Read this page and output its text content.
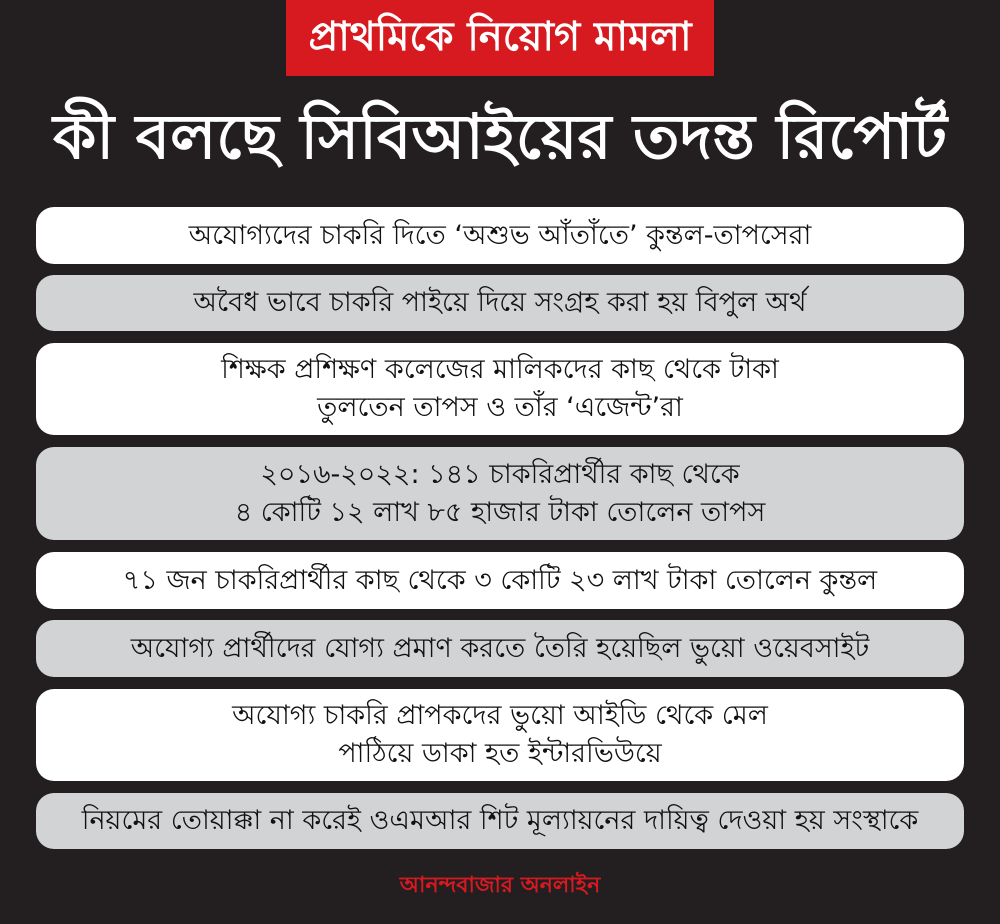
প্রাথমিকে নিয়োগ মামলা
কী বলছে সিবিআইয়ের তদন্ত রিপোর্ট
অযোগ্যদের চাকরি দিতে ‘অশুভ আঁতাঁতে’ কুন্তল-তাপসেরা
অবৈধ ভাবে চাকরি পাইয়ে দিয়ে সংগ্রহ করা হয় বিপুল অর্থ
শিক্ষক প্রশিক্ষণ কলেজের মালিকদের কাছ থেকে টাকা
তুলতেন তাপস ও তাঁর ‘এজেন্ট’রা
২০১৬-২০২২: ১৪১ চাকরিপ্রার্থীর কাছ থেকে
৪ কোটি ১২ লাখ ৮৫ হাজার টাকা তোলেন তাপস
৭১ জন চাকরিপ্রার্থীর কাছ থেকে ৩ কোটি ২৩ লাখ টাকা তোলেন কুন্তল
অযোগ্য প্রার্থীদের যোগ্য প্রমাণ করতে তৈরি হয়েছিল ভুয়ো ওয়েবসাইট
অযোগ্য চাকরি প্রাপকদের ভুয়ো আইডি থেকে মেল
পাঠিয়ে ডাকা হত ইন্টারভিউয়ে
নিয়মের তোয়াক্কা না করেই ওএমআর শিট মূল্যায়নের দায়িত্ব দেওয়া হয় সংস্থাকে
আনন্দবাজার অনলাইন
